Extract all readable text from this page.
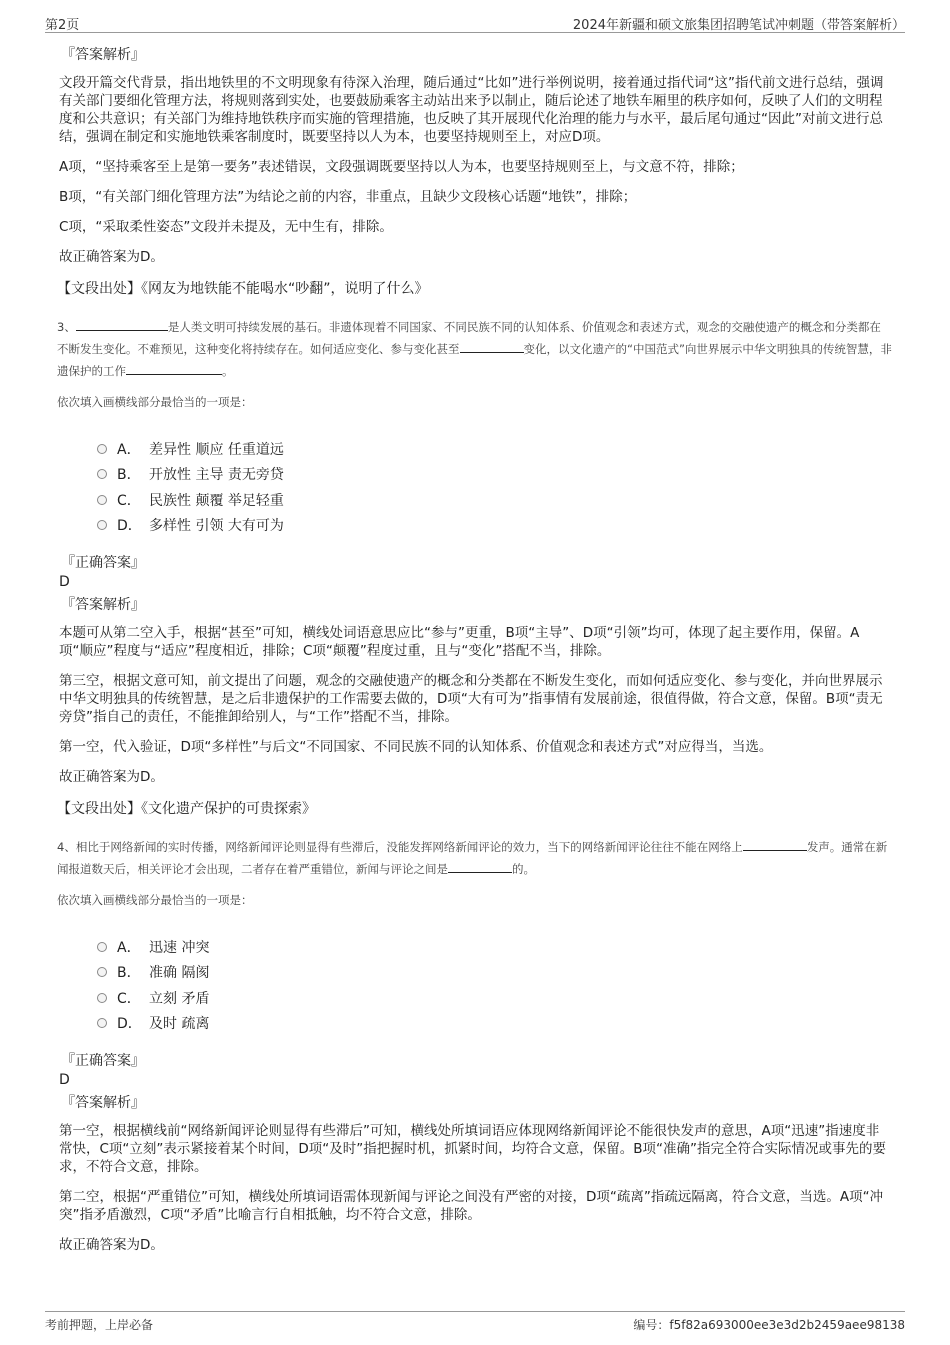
第2页	2024年新疆和硕文旅集团招聘笔试冲刺题（带答案解析）
『答案解析』

文段开篇交代背景，指出地铁里的不文明现象有待深入治理，随后通过“比如”进行举例说明，接着通过指代词“这”指代前文进行总结，强调有关部门要细化管理方法，将规则落到实处，也要鼓励乘客主动站出来予以制止，随后论述了地铁车厢里的秩序如何，反映了人们的文明程度和公共意识；有关部门为维持地铁秩序而实施的管理措施，也反映了其开展现代化治理的能力与水平，最后尾句通过“因此”对前文进行总结，强调在制定和实施地铁乘客制度时，既要坚持以人为本，也要坚持规则至上，对应D项。

A项，“坚持乘客至上是第一要务”表述错误，文段强调既要坚持以人为本，也要坚持规则至上，与文意不符，排除；

B项，“有关部门细化管理方法”为结论之前的内容，非重点，且缺少文段核心话题“地铁”，排除；

C项，“采取柔性姿态”文段并未提及，无中生有，排除。

故正确答案为D。

【文段出处】《网友为地铁能不能喝水“吵翻”，说明了什么》

3、	是人类文明可持续发展的基石。非遗体现着不同国家、不同民族不同的认知体系、价值观念和表述方式，观念的交融使遗产的概念和分类都在不断发生变化。不难预见，这种变化将持续存在。如何适应变化、参与变化甚至	变化，以文化遗产的“中国范式”向世界展示中华文明独具的传统智慧，非遗保护的工作	。

依次填入画横线部分最恰当的一项是：

A． 差异性 顺应 任重道远
B． 开放性 主导 责无旁贷
C． 民族性 颠覆 举足轻重
D． 多样性 引领 大有可为
『正确答案』
D
『答案解析』

本题可从第二空入手，根据“甚至”可知，横线处词语意思应比“参与”更重，B项“主导”、D项“引领”均可，体现了起主要作用，保留。A项“顺应”程度与“适应”程度相近，排除；C项“颠覆”程度过重，且与“变化”搭配不当，排除。

第三空，根据文意可知，前文提出了问题，观念的交融使遗产的概念和分类都在不断发生变化，而如何适应变化、参与变化，并向世界展示中华文明独具的传统智慧，是之后非遗保护的工作需要去做的，D项“大有可为”指事情有发展前途，很值得做，符合文意，保留。B项“责无旁贷”指自己的责任，不能推卸给别人，与“工作”搭配不当，排除。

第一空，代入验证，D项“多样性”与后文“不同国家、不同民族不同的认知体系、价值观念和表述方式”对应得当，当选。

故正确答案为D。

【文段出处】《文化遗产保护的可贵探索》

4、相比于网络新闻的实时传播，网络新闻评论则显得有些滞后，没能发挥网络新闻评论的效力，当下的网络新闻评论往往不能在网络上	发声。通常在新闻报道数天后，相关评论才会出现，二者存在着严重错位，新闻与评论之间是	的。

依次填入画横线部分最恰当的一项是：

A． 迅速 冲突
B． 准确 隔阂
C． 立刻 矛盾
D． 及时 疏离
『正确答案』
D
『答案解析』

第一空，根据横线前“网络新闻评论则显得有些滞后”可知，横线处所填词语应体现网络新闻评论不能很快发声的意思，A项“迅速”指速度非常快，C项“立刻”表示紧接着某个时间，D项“及时”指把握时机，抓紧时间，均符合文意，保留。B项“准确”指完全符合实际情况或事先的要求，不符合文意，排除。

第二空，根据“严重错位”可知，横线处所填词语需体现新闻与评论之间没有严密的对接，D项“疏离”指疏远隔离，符合文意，当选。A项“冲突”指矛盾激烈，C项“矛盾”比喻言行自相抵触，均不符合文意，排除。

故正确答案为D。

考前押题，上岸必备	编号：f5f82a693000ee3e3d2b2459aee98138
